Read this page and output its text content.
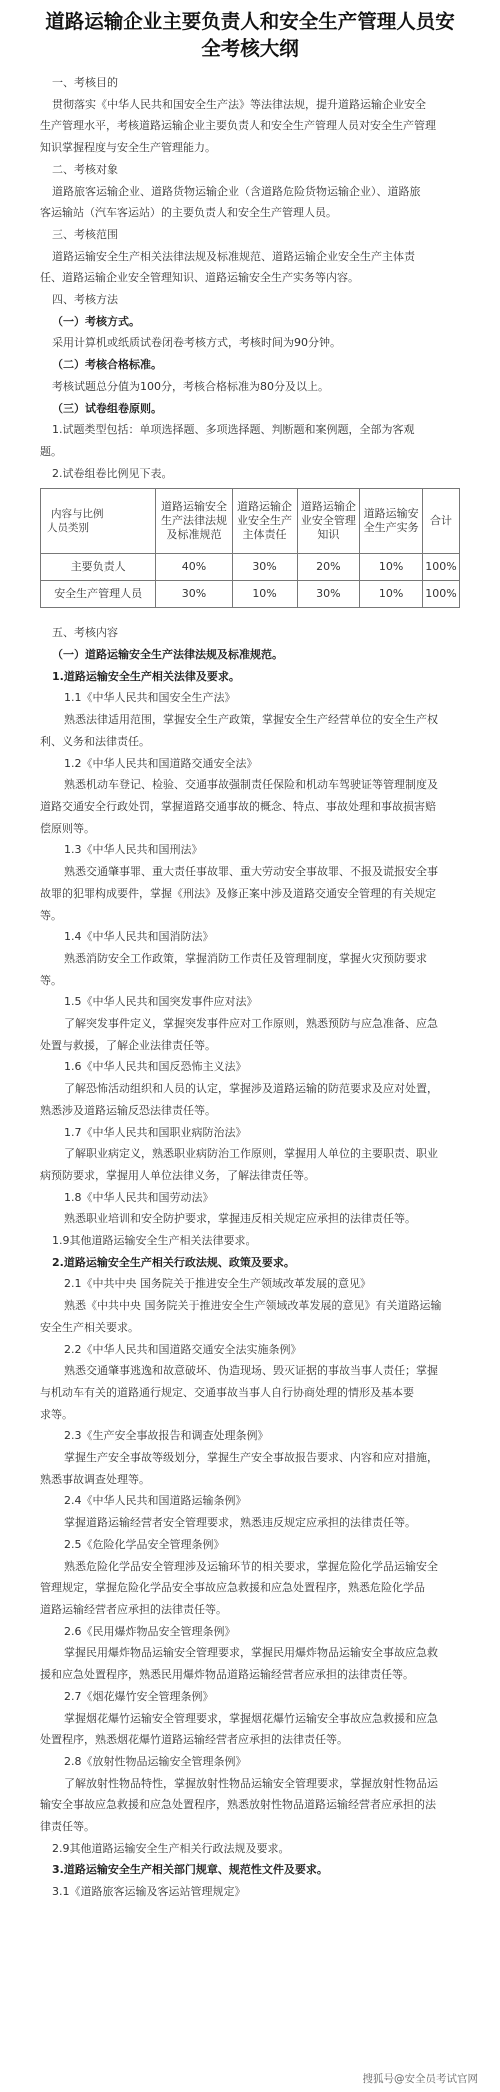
道路运输企业主要负责人和安全生产管理人员安
全考核大纲
一、考核目的
贯彻落实《中华人民共和国安全生产法》等法律法规，提升道路运输企业安全
生产管理水平，考核道路运输企业主要负责人和安全生产管理人员对安全生产管理
知识掌握程度与安全生产管理能力。
二、考核对象
道路旅客运输企业、道路货物运输企业（含道路危险货物运输企业）、道路旅
客运输站（汽车客运站）的主要负责人和安全生产管理人员。
三、考核范围
道路运输安全生产相关法律法规及标准规范、道路运输企业安全生产主体责
任、道路运输企业安全管理知识、道路运输安全生产实务等内容。
四、考核方法
（一）考核方式。
采用计算机或纸质试卷闭卷考核方式，考核时间为90分钟。
（二）考核合格标准。
考核试题总分值为100分，考核合格标准为80分及以上。
（三）试卷组卷原则。
1.试题类型包括：单项选择题、多项选择题、判断题和案例题，全部为客观
题。
2.试卷组卷比例见下表。
内容与比例
人员类别	道路运输安全生产法律法规及标准规范	道路运输企业安全生产主体责任	道路运输企业安全管理知识	道路运输安全生产实务	合计
主要负责人	40%	30%	20%	10%	100%
安全生产管理人员	30%	10%	30%	10%	100%
五、考核内容
（一）道路运输安全生产法律法规及标准规范。
1.道路运输安全生产相关法律及要求。
1.1《中华人民共和国安全生产法》
熟悉法律适用范围，掌握安全生产政策，掌握安全生产经营单位的安全生产权
利、义务和法律责任。
1.2《中华人民共和国道路交通安全法》
熟悉机动车登记、检验、交通事故强制责任保险和机动车驾驶证等管理制度及
道路交通安全行政处罚，掌握道路交通事故的概念、特点、事故处理和事故损害赔
偿原则等。
1.3《中华人民共和国刑法》
熟悉交通肇事罪、重大责任事故罪、重大劳动安全事故罪、不报及谎报安全事
故罪的犯罪构成要件，掌握《刑法》及修正案中涉及道路交通安全管理的有关规定
等。
1.4《中华人民共和国消防法》
熟悉消防安全工作政策，掌握消防工作责任及管理制度，掌握火灾预防要求
等。
1.5《中华人民共和国突发事件应对法》
了解突发事件定义，掌握突发事件应对工作原则，熟悉预防与应急准备、应急
处置与救援，了解企业法律责任等。
1.6《中华人民共和国反恐怖主义法》
了解恐怖活动组织和人员的认定，掌握涉及道路运输的防范要求及应对处置，
熟悉涉及道路运输反恐法律责任等。
1.7《中华人民共和国职业病防治法》
了解职业病定义，熟悉职业病防治工作原则，掌握用人单位的主要职责、职业
病预防要求，掌握用人单位法律义务，了解法律责任等。
1.8《中华人民共和国劳动法》
熟悉职业培训和安全防护要求，掌握违反相关规定应承担的法律责任等。
1.9其他道路运输安全生产相关法律要求。
2.道路运输安全生产相关行政法规、政策及要求。
2.1《中共中央 国务院关于推进安全生产领域改革发展的意见》
熟悉《中共中央 国务院关于推进安全生产领域改革发展的意见》有关道路运输
安全生产相关要求。
2.2《中华人民共和国道路交通安全法实施条例》
熟悉交通肇事逃逸和故意破坏、伪造现场、毁灭证据的事故当事人责任；掌握
与机动车有关的道路通行规定、交通事故当事人自行协商处理的情形及基本要
求等。
2.3《生产安全事故报告和调查处理条例》
掌握生产安全事故等级划分，掌握生产安全事故报告要求、内容和应对措施，
熟悉事故调查处理等。
2.4《中华人民共和国道路运输条例》
掌握道路运输经营者安全管理要求，熟悉违反规定应承担的法律责任等。
2.5《危险化学品安全管理条例》
熟悉危险化学品安全管理涉及运输环节的相关要求，掌握危险化学品运输安全
管理规定，掌握危险化学品安全事故应急救援和应急处置程序，熟悉危险化学品
道路运输经营者应承担的法律责任等。
2.6《民用爆炸物品安全管理条例》
掌握民用爆炸物品运输安全管理要求，掌握民用爆炸物品运输安全事故应急救
援和应急处置程序，熟悉民用爆炸物品道路运输经营者应承担的法律责任等。
2.7《烟花爆竹安全管理条例》
掌握烟花爆竹运输安全管理要求，掌握烟花爆竹运输安全事故应急救援和应急
处置程序，熟悉烟花爆竹道路运输经营者应承担的法律责任等。
2.8《放射性物品运输安全管理条例》
了解放射性物品特性，掌握放射性物品运输安全管理要求，掌握放射性物品运
输安全事故应急救援和应急处置程序，熟悉放射性物品道路运输经营者应承担的法
律责任等。
2.9其他道路运输安全生产相关行政法规及要求。
3.道路运输安全生产相关部门规章、规范性文件及要求。
3.1《道路旅客运输及客运站管理规定》
搜狐号@安全员考试官网
